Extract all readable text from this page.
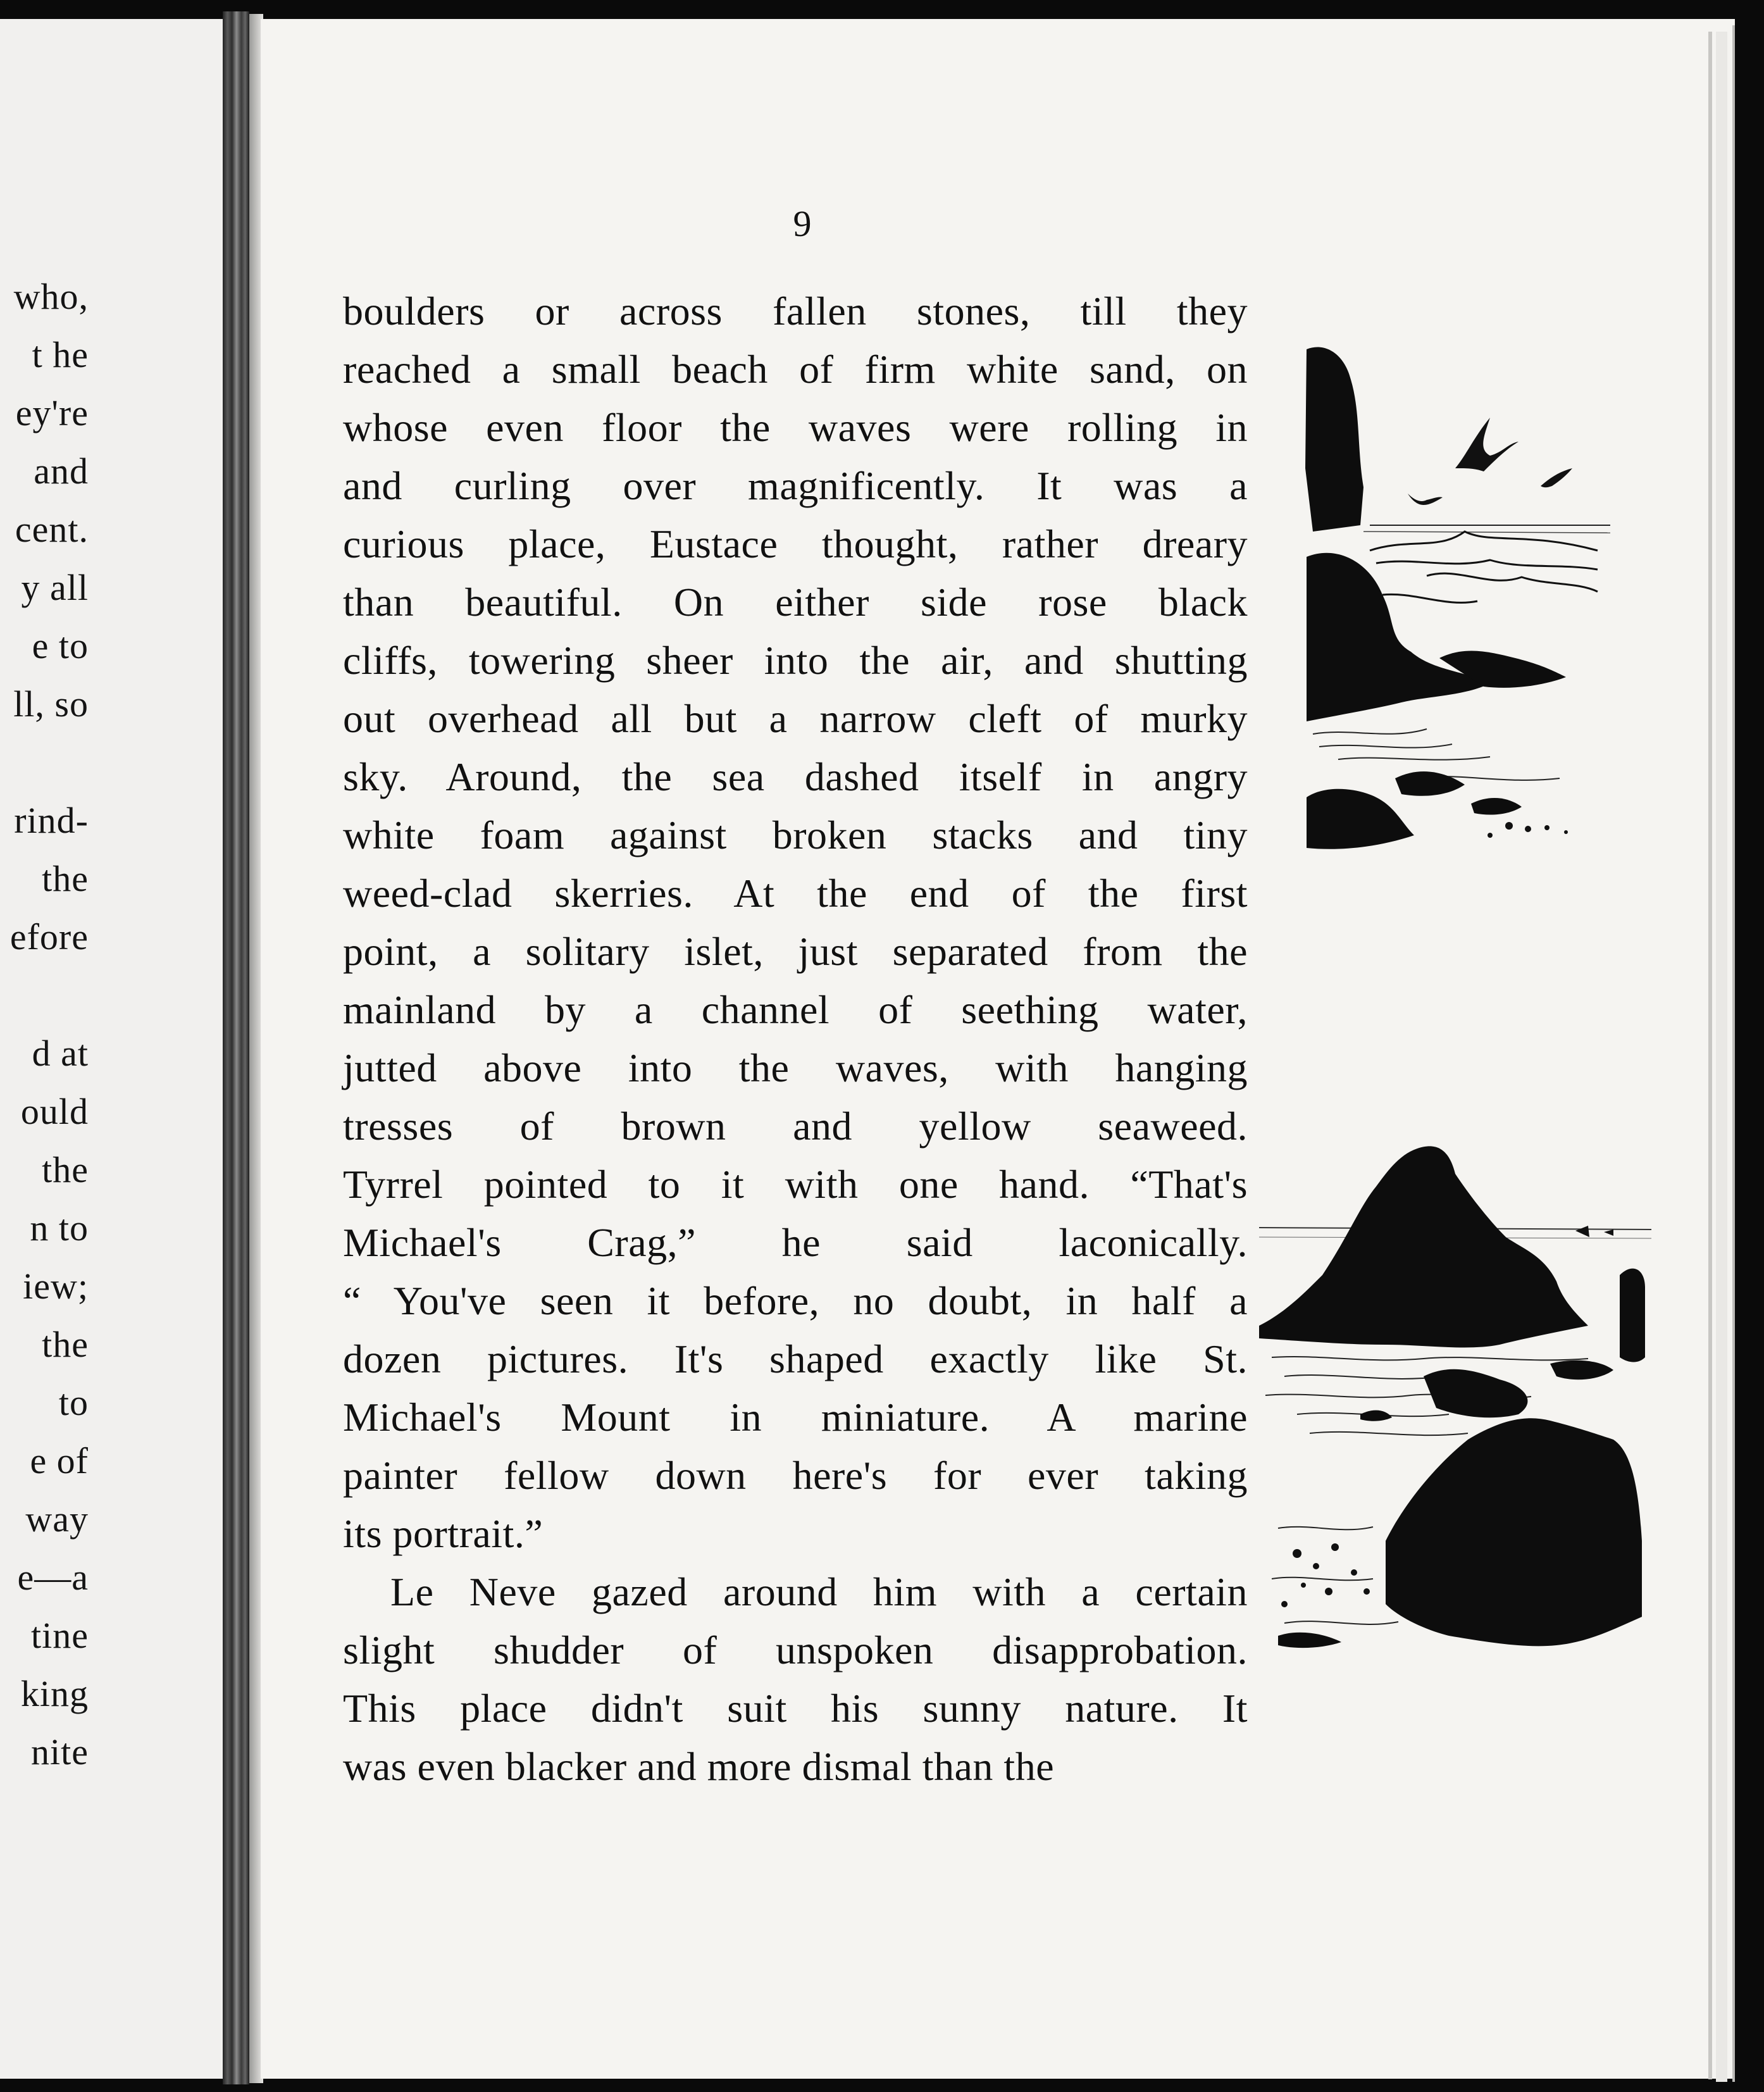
who,
t he
ey're
and
cent.
y all
e to
ll, so
rind-
the
efore
d at
ould
the
n to
iew;
the
to
e of
way
e—a
tine
king
nite
9
boulders or across fallen stones, till they
reached a small beach of firm white sand, on
whose even floor the waves were rolling in
and curling over magnificently. It was a
curious place, Eustace thought, rather dreary
than beautiful. On either side rose black
cliffs, towering sheer into the air, and shutting
out overhead all but a narrow cleft of murky
sky. Around, the sea dashed itself in angry
white foam against broken stacks and tiny
weed-clad skerries. At the end of the first
point, a solitary islet, just separated from the
mainland by a channel of seething water,
jutted above into the waves, with hanging
tresses of brown and yellow seaweed.
Tyrrel pointed to it with one hand. “That's
Michael's Crag,” he said laconically.
“ You've seen it before, no doubt, in half a
dozen pictures. It's shaped exactly like St.
Michael's Mount in miniature. A marine
painter fellow down here's for ever taking
its portrait.”
Le Neve gazed around him with a certain
slight shudder of unspoken disapprobation.
This place didn't suit his sunny nature. It
was even blacker and more dismal than the
